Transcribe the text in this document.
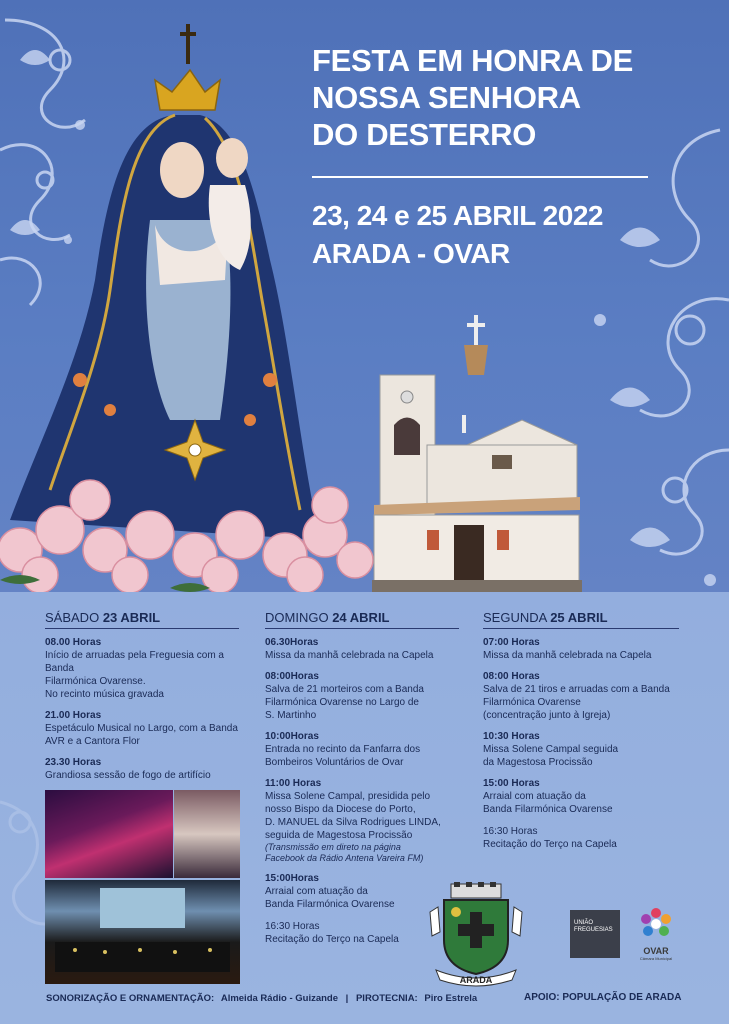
FESTA EM HONRA DE
NOSSA SENHORA
DO DESTERRO
23, 24 e 25 ABRIL 2022
ARADA - OVAR
SÁBADO 23 ABRIL
08.00 Horas
Início de arruadas pela Freguesia com a Banda
Filarmónica Ovarense.
No recinto música gravada
21.00 Horas
Espetáculo Musical no Largo, com a Banda
AVR e a Cantora Flor
23.30 Horas
Grandiosa sessão de fogo de artifício
DOMINGO 24 ABRIL
06.30Horas
Missa da manhã celebrada na Capela
08:00Horas
Salva de 21 morteiros com a Banda
Filarmónica Ovarense no Largo de
S. Martinho
10:00Horas
Entrada no recinto da Fanfarra dos
Bombeiros Voluntários de Ovar
11:00 Horas
Missa Solene Campal, presidida pelo
nosso Bispo da Diocese do Porto,
D. MANUEL da Silva Rodrigues LINDA,
seguida de Magestosa Procissão
(Transmissão em direto na página
Facebook da Rádio Antena Vareira FM)
15:00Horas
Arraial com atuação da
Banda Filarmónica Ovarense
16:30 Horas
Recitação do Terço na Capela
SEGUNDA 25 ABRIL
07:00 Horas
Missa da manhã celebrada na Capela
08:00 Horas
Salva de 21 tiros e arruadas com a Banda
Filarmónica Ovarense
(concentração junto à Igreja)
10:30 Horas
Missa Solene Campal seguida
da Magestosa Procissão
15:00 Horas
Arraial com atuação da
Banda Filarmónica Ovarense
16:30 Horas
Recitação do Terço na Capela
ARADA
UNIÃO
FREGUESIAS
OVAR
Câmara Municipal
SONORIZAÇÃO E ORNAMENTAÇÃO: Almeida Rádio - Guizande | PIROTECNIA: Piro Estrela	APOIO: POPULAÇÃO DE ARADA
